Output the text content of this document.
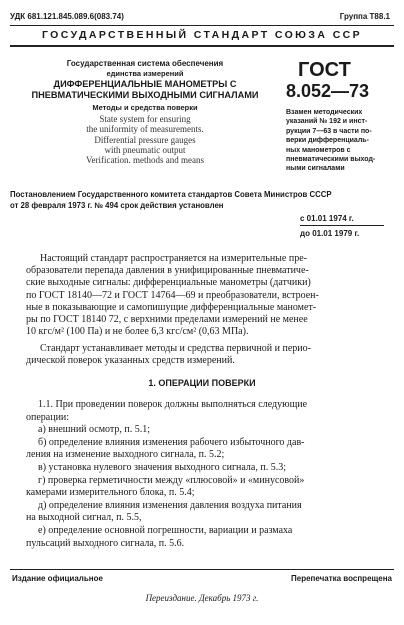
УДК 681.121.845.089.6(083.74)	Группа Т88.1
ГОСУДАРСТВЕННЫЙ СТАНДАРТ СОЮЗА ССР
Государственная система обеспечения
единства измерений
ДИФФЕРЕНЦИАЛЬНЫЕ МАНОМЕТРЫ С
ПНЕВМАТИЧЕСКИМИ ВЫХОДНЫМИ СИГНАЛАМИ
Методы и средства поверки
State system for ensuring
the uniformity of measurements.
Differential pressure gauges
with pneumatic output
Verification. methods and means
ГОСТ
8.052—73
Взамен методических
указаний № 192 и инст-
рукции 7—63 в части по-
верки дифференциаль-
ных манометров с
пневматическими выход-
ными сигналами
Постановлением Государственного комитета стандартов Совета Министров СССР
от 28 февраля 1973 г. № 494 срок действия установлен
с 01.01 1974 г.
до 01.01 1979 г.
Настоящий стандарт распространяется на измерительные пре-
образователи перепада давления в унифицированные пневматиче-
ские выходные сигналы: дифференциальные манометры (датчики)
по ГОСТ 18140—72 и ГОСТ 14764—69 и преобразователи, встроен-
ные в показывающие и самопишущие дифференциальные маномет-
ры по ГОСТ 18140 72, с верхними пределами измерений не менее
10 кгс/м² (100 Па) и не более 6,3 кгс/см² (0,63 МПа).
Стандарт устанавливает методы и средства первичной и перио-
дической поверок указанных средств измерений.
1. ОПЕРАЦИИ ПОВЕРКИ
1.1. При проведении поверок должны выполняться следующие
операции:
а) внешний осмотр, п. 5.1;
б) определение влияния изменения рабочего избыточного дав-
ления на изменение выходного сигнала, п. 5.2;
в) установка нулевого значения выходного сигнала, п. 5.3;
г) проверка герметичности между «плюсовой» и «минусовой»
камерами измерительного блока, п. 5.4;
д) определение влияния изменения давления воздуха питания
на выходной сигнал, п. 5.5,
е) определение основной погрешности, вариации и размаха
пульсаций выходного сигнала, п. 5.6.
Издание официальное	Перепечатка воспрещена
Переиздание. Декабрь 1973 г.
